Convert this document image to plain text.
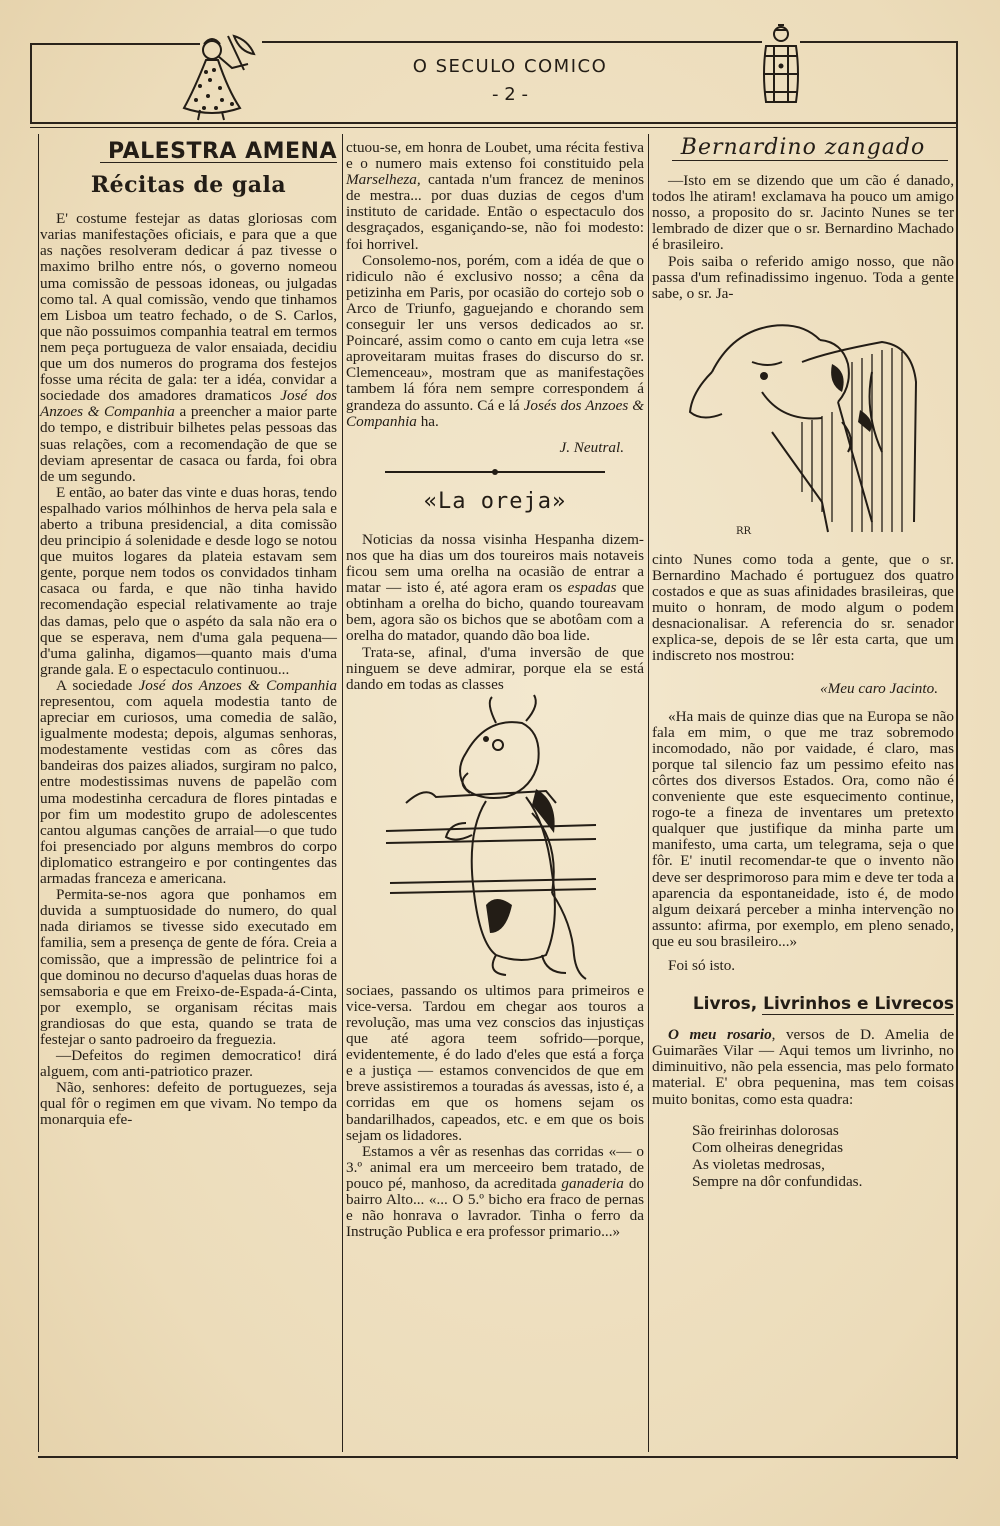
O SECULO COMICO
- 2 -
PALESTRA AMENA
Récitas de gala

E' costume festejar as datas gloriosas com varias manifestações oficiais, e para que a que as nações resolveram dedicar á paz tivesse o maximo brilho entre nós, o governo nomeou uma comissão de pessoas idoneas, ou julgadas como tal. A qual comissão, vendo que tinhamos em Lisboa um teatro fechado, o de S. Carlos, que não possuimos companhia teatral em termos nem peça portugueza de valor ensaiada, decidiu que um dos numeros do programa dos festejos fosse uma récita de gala: ter a idéa, convidar a sociedade dos amadores dramaticos José dos Anzoes & Companhia a preencher a maior parte do tempo, e distribuir bilhetes pelas pessoas das suas relações, com a recomendação de que se deviam apresentar de casaca ou farda, foi obra de um segundo.

E então, ao bater das vinte e duas horas, tendo espalhado varios mólhinhos de herva pela sala e aberto a tribuna presidencial, a dita comissão deu principio á solenidade e desde logo se notou que muitos logares da plateia estavam sem gente, porque nem todos os convidados tinham casaca ou farda, e que não tinha havido recomendação especial relativamente ao traje das damas, pelo que o aspéto da sala não era o que se esperava, nem d'uma gala pequena—d'uma galinha, digamos—quanto mais d'uma grande gala. E o espectaculo continuou...

A sociedade José dos Anzoes & Companhia representou, com aquela modestia tanto de apreciar em curiosos, uma comedia de salão, igualmente modesta; depois, algumas senhoras, modestamente vestidas com as côres das bandeiras dos paizes aliados, surgiram no palco, entre modestissimas nuvens de papelão com uma modestinha cercadura de flores pintadas e por fim um modestito grupo de adolescentes cantou algumas canções de arraial—o que tudo foi presenciado por alguns membros do corpo diplomatico estrangeiro e por contingentes das armadas franceza e americana.

Permita-se-nos agora que ponhamos em duvida a sumptuosidade do numero, do qual nada diriamos se tivesse sido executado em familia, sem a presença de gente de fóra. Creia a comissão, que a impressão de pelintrice foi a que dominou no decurso d'aquelas duas horas de semsaboria e que em Freixo-de-Espada-á-Cinta, por exemplo, se organisam récitas mais grandiosas do que esta, quando se trata de festejar o santo padroeiro da freguezia.

—Defeitos do regimen democratico! dirá alguem, com anti-patriotico prazer.

Não, senhores: defeito de portuguezes, seja qual fôr o regimen em que vivam. No tempo da monarquia efe-

ctuou-se, em honra de Loubet, uma récita festiva e o numero mais extenso foi constituido pela Marselheza, cantada n'um francez de meninos de mestra... por duas duzias de cegos d'um instituto de caridade. Então o espectaculo dos desgraçados, esganiçando-se, não foi modesto: foi horrivel.

Consolemo-nos, porém, com a idéa de que o ridiculo não é exclusivo nosso; a cêna da petizinha em Paris, por ocasião do cortejo sob o Arco de Triunfo, gaguejando e chorando sem conseguir ler uns versos dedicados ao sr. Poincaré, assim como o canto em cuja letra «se aproveitaram muitas frases do discurso do sr. Clemenceau», mostram que as manifestações tambem lá fóra nem sempre correspondem á grandeza do assunto. Cá e lá Josés dos Anzoes & Companhia ha.

J. Neutral.
«La oreja»

Noticias da nossa visinha Hespanha dizem-nos que ha dias um dos toureiros mais notaveis ficou sem uma orelha na ocasião de entrar a matar — isto é, até agora eram os espadas que obtinham a orelha do bicho, quando toureavam bem, agora são os bichos que se abotôam com a orelha do matador, quando dão boa lide.

Trata-se, afinal, d'uma inversão de que ninguem se deve admirar, porque ela se está dando em todas as classes

sociaes, passando os ultimos para primeiros e vice-versa. Tardou em chegar aos touros a revolução, mas uma vez conscios das injustiças que até agora teem sofrido—porque, evidentemente, é do lado d'eles que está a força e a justiça — estamos convencidos de que em breve assistiremos a touradas ás avessas, isto é, a corridas em que os homens sejam os bandarilhados, capeados, etc. e em que os bois sejam os lidadores.

Estamos a vêr as resenhas das corridas «— o 3.º animal era um merceeiro bem tratado, de pouco pé, manhoso, da acreditada ganaderia do bairro Alto... «... O 5.º bicho era fraco de pernas e não honrava o lavrador. Tinha o ferro da Instrução Publica e era professor primario...»

Bernardino zangado

—Isto em se dizendo que um cão é danado, todos lhe atiram! exclamava ha pouco um amigo nosso, a proposito do sr. Jacinto Nunes se ter lembrado de dizer que o sr. Bernardino Machado é brasileiro.

Pois saiba o referido amigo nosso, que não passa d'um refinadissimo ingenuo. Toda a gente sabe, o sr. Ja-

RR

cinto Nunes como toda a gente, que o sr. Bernardino Machado é portuguez dos quatro costados e que as suas afinidades brasileiras, que muito o honram, de modo algum o podem desnacionalisar. A referencia do sr. senador explica-se, depois de se lêr esta carta, que um indiscreto nos mostrou:

«Meu caro Jacinto.

«Ha mais de quinze dias que na Europa se não fala em mim, o que me traz sobremodo incomodado, não por vaidade, é claro, mas porque tal silencio faz um pessimo efeito nas côrtes dos diversos Estados. Ora, como não é conveniente que este esquecimento continue, rogo-te a fineza de inventares um pretexto qualquer que justifique da minha parte um manifesto, uma carta, um telegrama, seja o que fôr. E' inutil recomendar-te que o invento não deve ser desprimoroso para mim e deve ter toda a aparencia da espontaneidade, isto é, de modo algum deixará perceber a minha intervenção no assunto: afirma, por exemplo, em pleno senado, que eu sou brasileiro...»

Foi só isto.

Livros, Livrinhos e Livrecos

O meu rosario, versos de D. Amelia de Guimarães Vilar — Aqui temos um livrinho, no diminuitivo, não pela essencia, mas pelo formato material. E' obra pequenina, mas tem coisas muito bonitas, como esta quadra:

São freirinhas dolorosas
Com olheiras denegridas
As violetas medrosas,
Sempre na dôr confundidas.
